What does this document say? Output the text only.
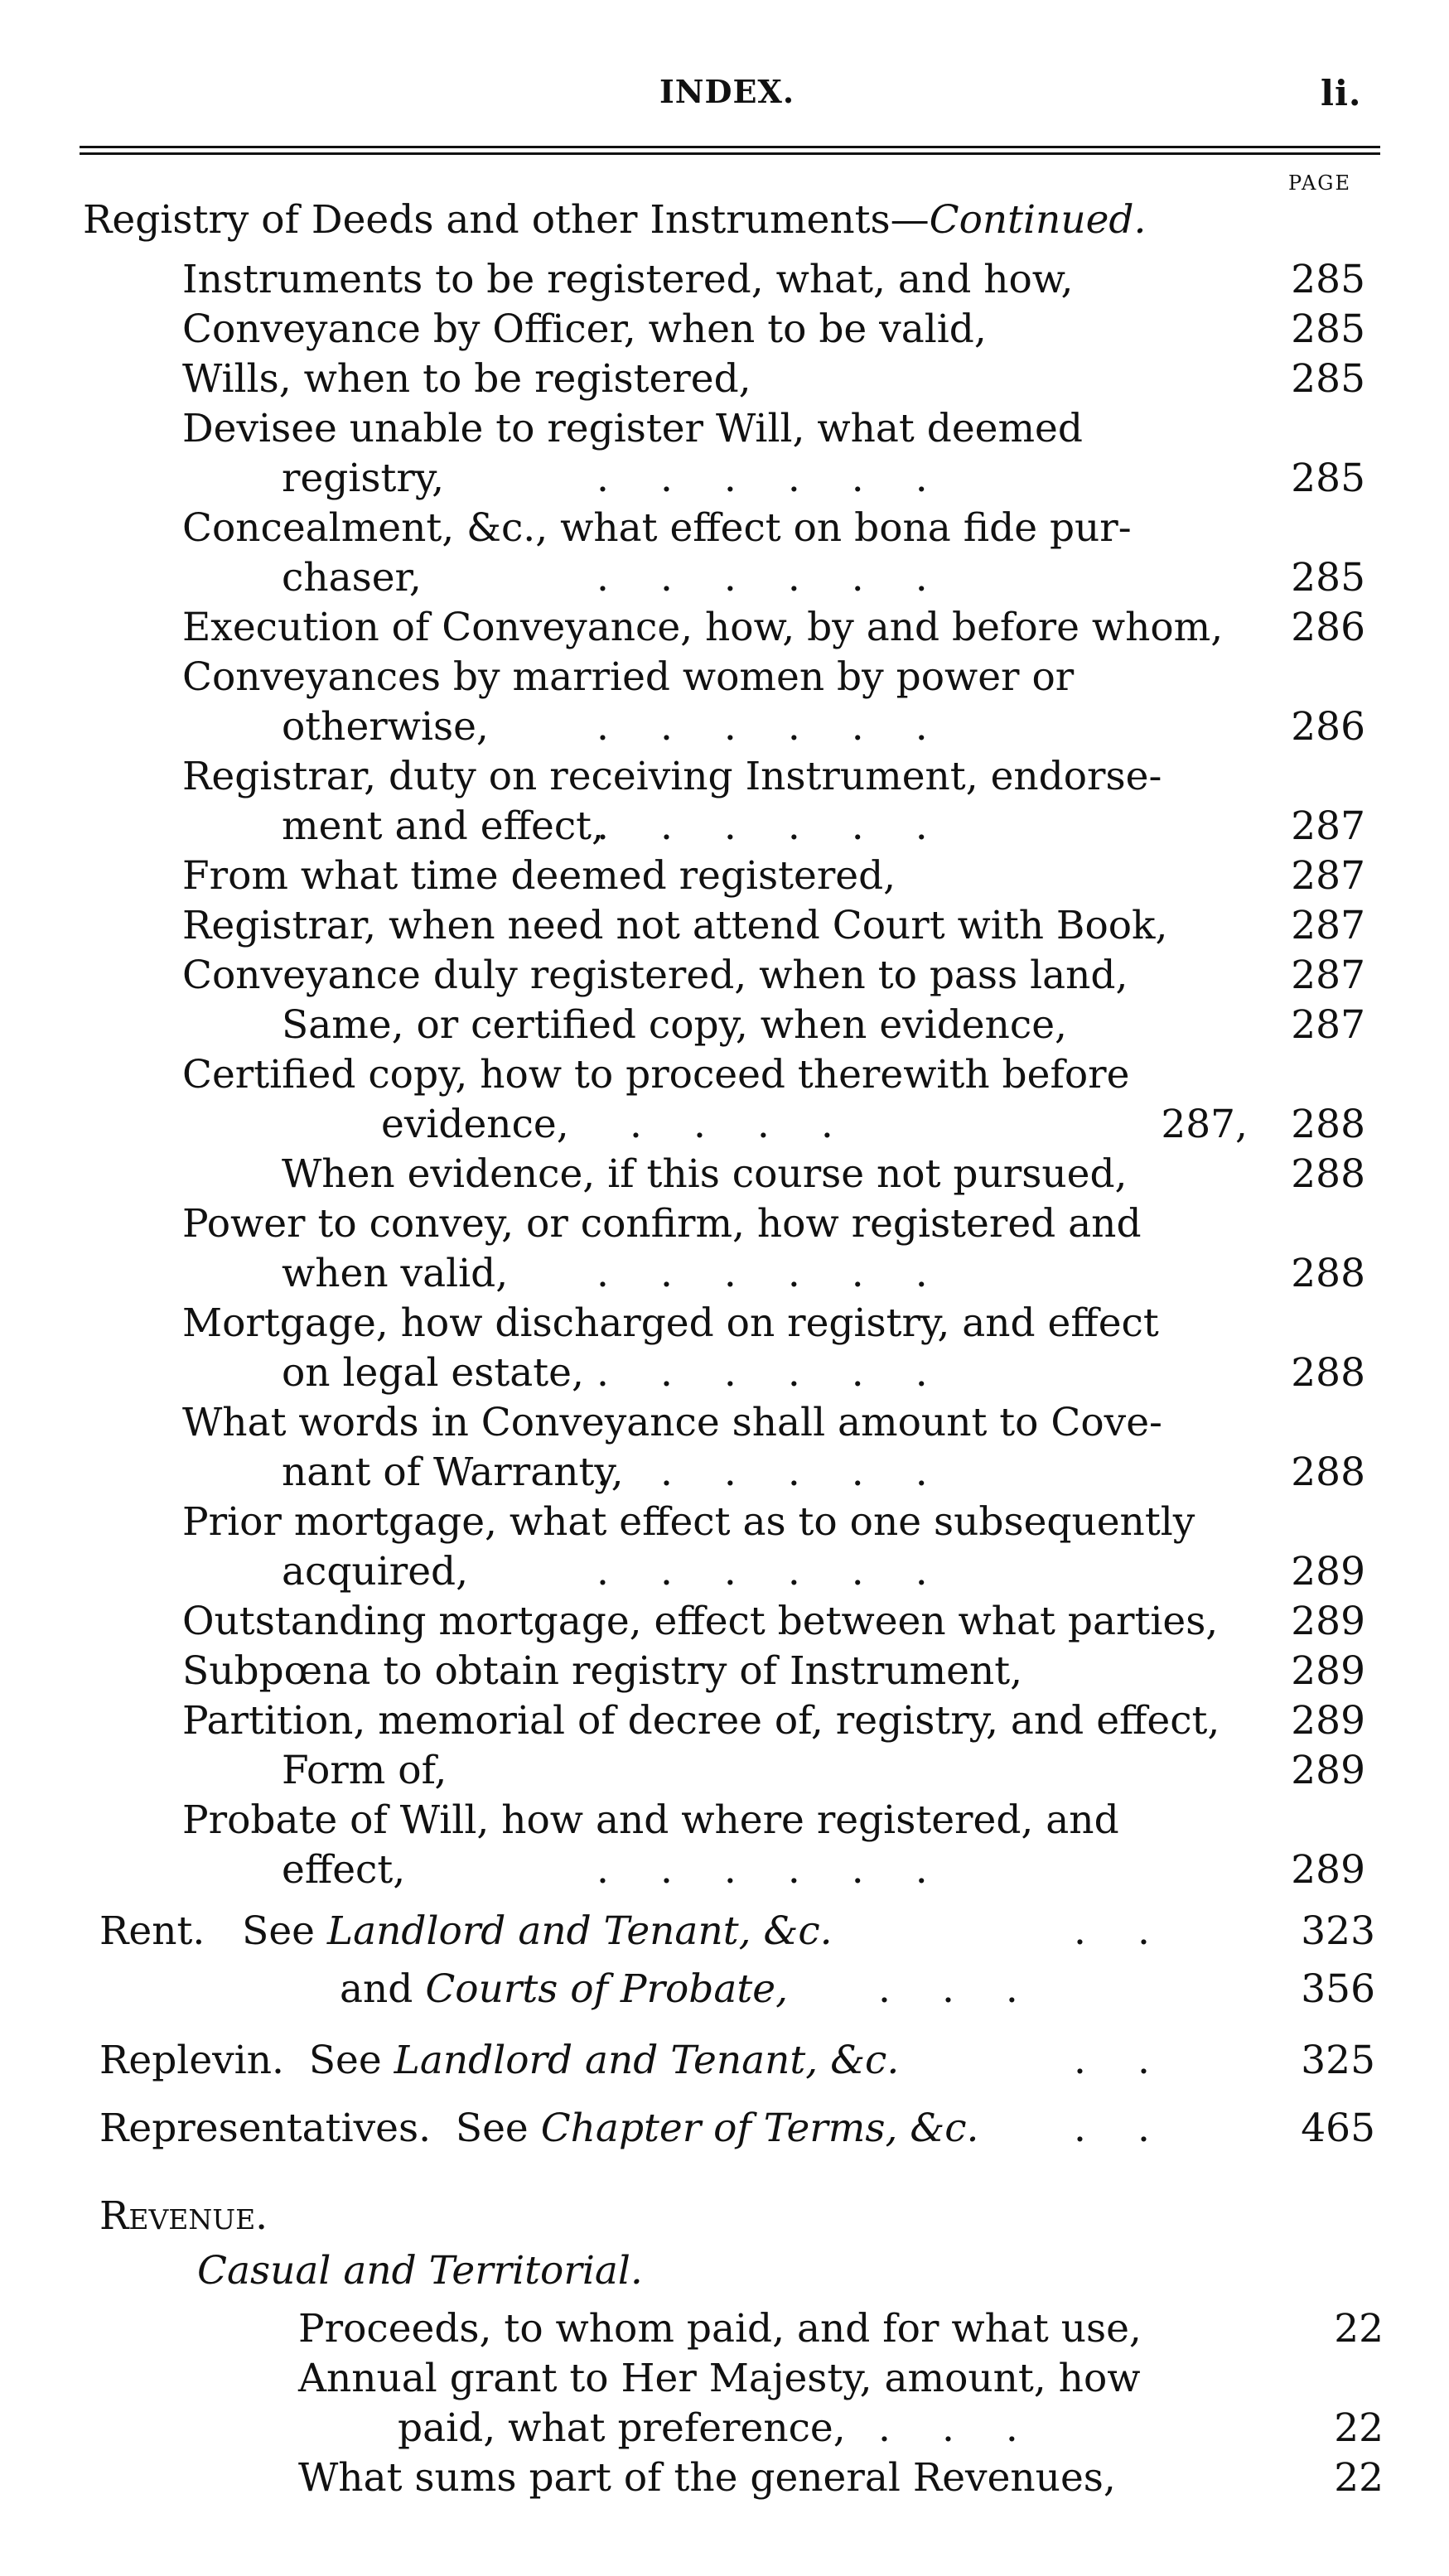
INDEX.	li.
PAGE
Registry of Deeds and other Instruments—Continued.
Instruments to be registered, what, and how,	285
Conveyance by Officer, when to be valid,	285
Wills, when to be registered,	285
Devisee unable to register Will, what deemed
registry,	......	285
Concealment, &c., what effect on bona fide pur-
chaser,	......	285
Execution of Conveyance, how, by and before whom,	286
Conveyances by married women by power or
otherwise,	......	286
Registrar, duty on receiving Instrument, endorse-
ment and effect,
......	287
From what time deemed registered,	287
Registrar, when need not attend Court with Book,	287
Conveyance duly registered, when to pass land,	287
Same, or certified copy, when evidence,	287
Certified copy, how to proceed therewith before
evidence, ....	287,	288
When evidence, if this course not pursued,	288
Power to convey, or confirm, how registered and
when valid, ......	288
Mortgage, how discharged on registry, and effect
on legal estate, ......	288
What words in Conveyance shall amount to Cove-
nant of Warranty,
......	288
Prior mortgage, what effect as to one subsequently
acquired,	......	289
Outstanding mortgage, effect between what parties,	289
Subpœna to obtain registry of Instrument,	289
Partition, memorial of decree of, registry, and effect,	289
Form of,	289
Probate of Will, how and where registered, and
effect,	......	289
Rent. See Landlord and Tenant, &c.	..	323
and Courts of Probate, ...	356
Replevin. See Landlord and Tenant, &c.	..	325
Representatives. See Chapter of Terms, &c. ..	465
Revenue.
Casual and Territorial.
Proceeds, to whom paid, and for what use,	22
Annual grant to Her Majesty, amount, how
paid, what preference, ...	22
What sums part of the general Revenues,	22
